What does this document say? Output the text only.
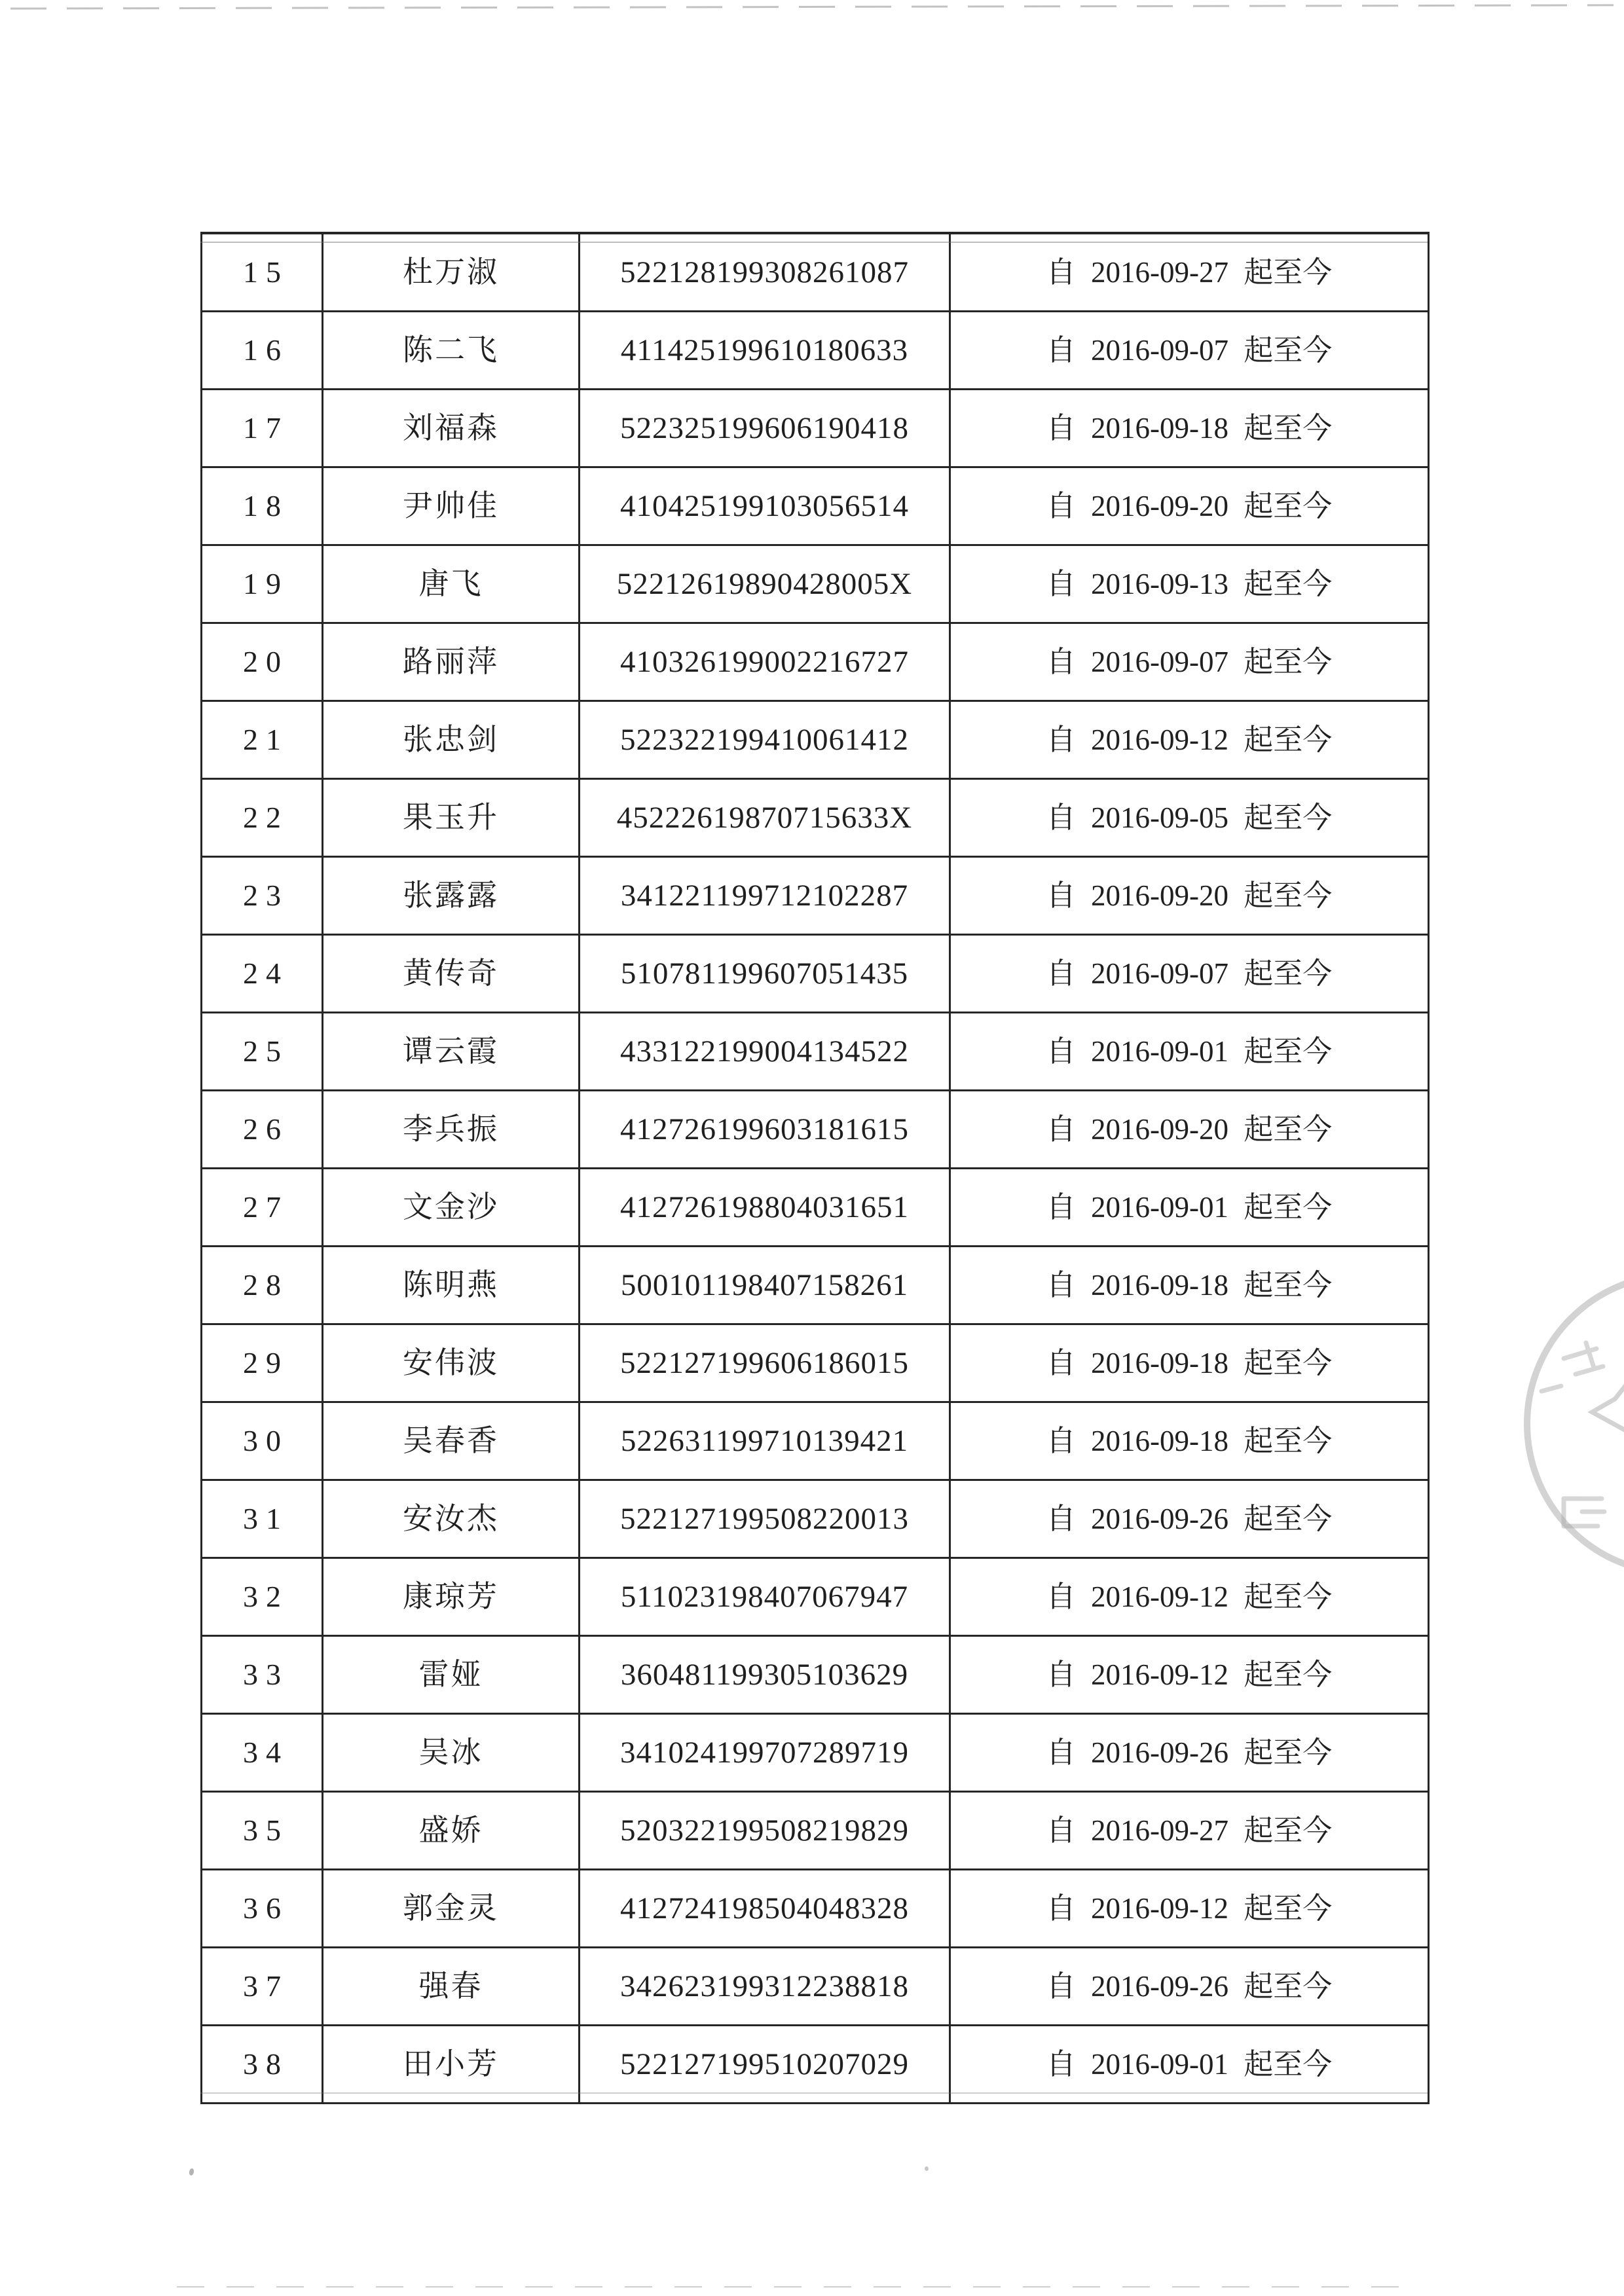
15	杜万淑	522128199308261087	自 2016-09-27 起至今
16	陈二飞	411425199610180633	自 2016-09-07 起至今
17	刘福森	522325199606190418	自 2016-09-18 起至今
18	尹帅佳	410425199103056514	自 2016-09-20 起至今
19	唐飞	52212619890428005X	自 2016-09-13 起至今
20	路丽萍	410326199002216727	自 2016-09-07 起至今
21	张忠剑	522322199410061412	自 2016-09-12 起至今
22	果玉升	45222619870715633X	自 2016-09-05 起至今
23	张露露	341221199712102287	自 2016-09-20 起至今
24	黄传奇	510781199607051435	自 2016-09-07 起至今
25	谭云霞	433122199004134522	自 2016-09-01 起至今
26	李兵振	412726199603181615	自 2016-09-20 起至今
27	文金沙	412726198804031651	自 2016-09-01 起至今
28	陈明燕	500101198407158261	自 2016-09-18 起至今
29	安伟波	522127199606186015	自 2016-09-18 起至今
30	吴春香	522631199710139421	自 2016-09-18 起至今
31	安汝杰	522127199508220013	自 2016-09-26 起至今
32	康琼芳	511023198407067947	自 2016-09-12 起至今
33	雷娅	360481199305103629	自 2016-09-12 起至今
34	吴冰	341024199707289719	自 2016-09-26 起至今
35	盛娇	520322199508219829	自 2016-09-27 起至今
36	郭金灵	412724198504048328	自 2016-09-12 起至今
37	强春	342623199312238818	自 2016-09-26 起至今
38	田小芳	522127199510207029	自 2016-09-01 起至今
